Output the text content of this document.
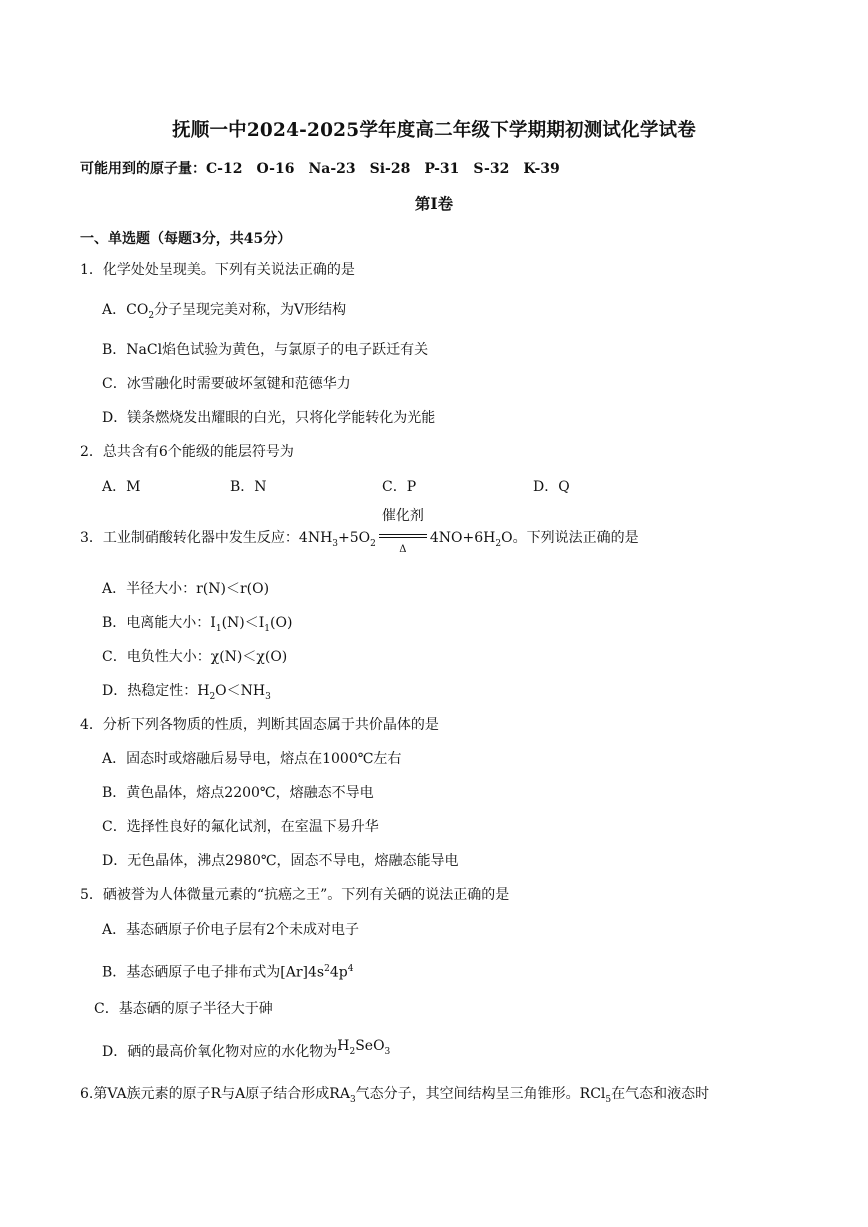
抚顺一中2024-2025学年度高二年级下学期期初测试化学试卷
可能用到的原子量：C-12 O-16 Na-23 Si-28 P-31 S-32 K-39
第Ⅰ卷
一、单选题（每题3分，共45分）
1．化学处处呈现美。下列有关说法正确的是
A．$CO_2$分子呈现完美对称，为V形结构
B．NaCl焰色试验为黄色，与氯原子的电子跃迁有关
C．冰雪融化时需要破坏氢键和范德华力
D．镁条燃烧发出耀眼的白光，只将化学能转化为光能
2．总共含有6个能级的能层符号为
A．M	B．N	C．P	D．Q
3．工业制硝酸转化器中发生反应：$4NH_3+5O_2$
催化剂
Δ
$4NO+6H_2O$。下列说法正确的是
A．半径大小：r(N)＜r(O)
B．电离能大小：$I_1(N)<I_1(O)$
C．电负性大小：χ(N)＜χ(O)
D．热稳定性：$H_2O<NH_3$
4．分析下列各物质的性质，判断其固态属于共价晶体的是
A．固态时或熔融后易导电，熔点在1000℃左右
B．黄色晶体，熔点2200℃，熔融态不导电
C．选择性良好的氟化试剂，在室温下易升华
D．无色晶体，沸点2980℃，固态不导电，熔融态能导电
5．硒被誉为人体微量元素的“抗癌之王”。下列有关硒的说法正确的是
A．基态硒原子价电子层有2个未成对电子
B．基态硒原子电子排布式为$[Ar]4s^24p^4$
C．基态硒的原子半径大于砷
D．硒的最高价氧化物对应的水化物为$H_2SeO_3$
6.第VA族元素的原子R与A原子结合形成$RA_3$气态分子，其空间结构呈三角锥形。RCl$_5$在气态和液态时
